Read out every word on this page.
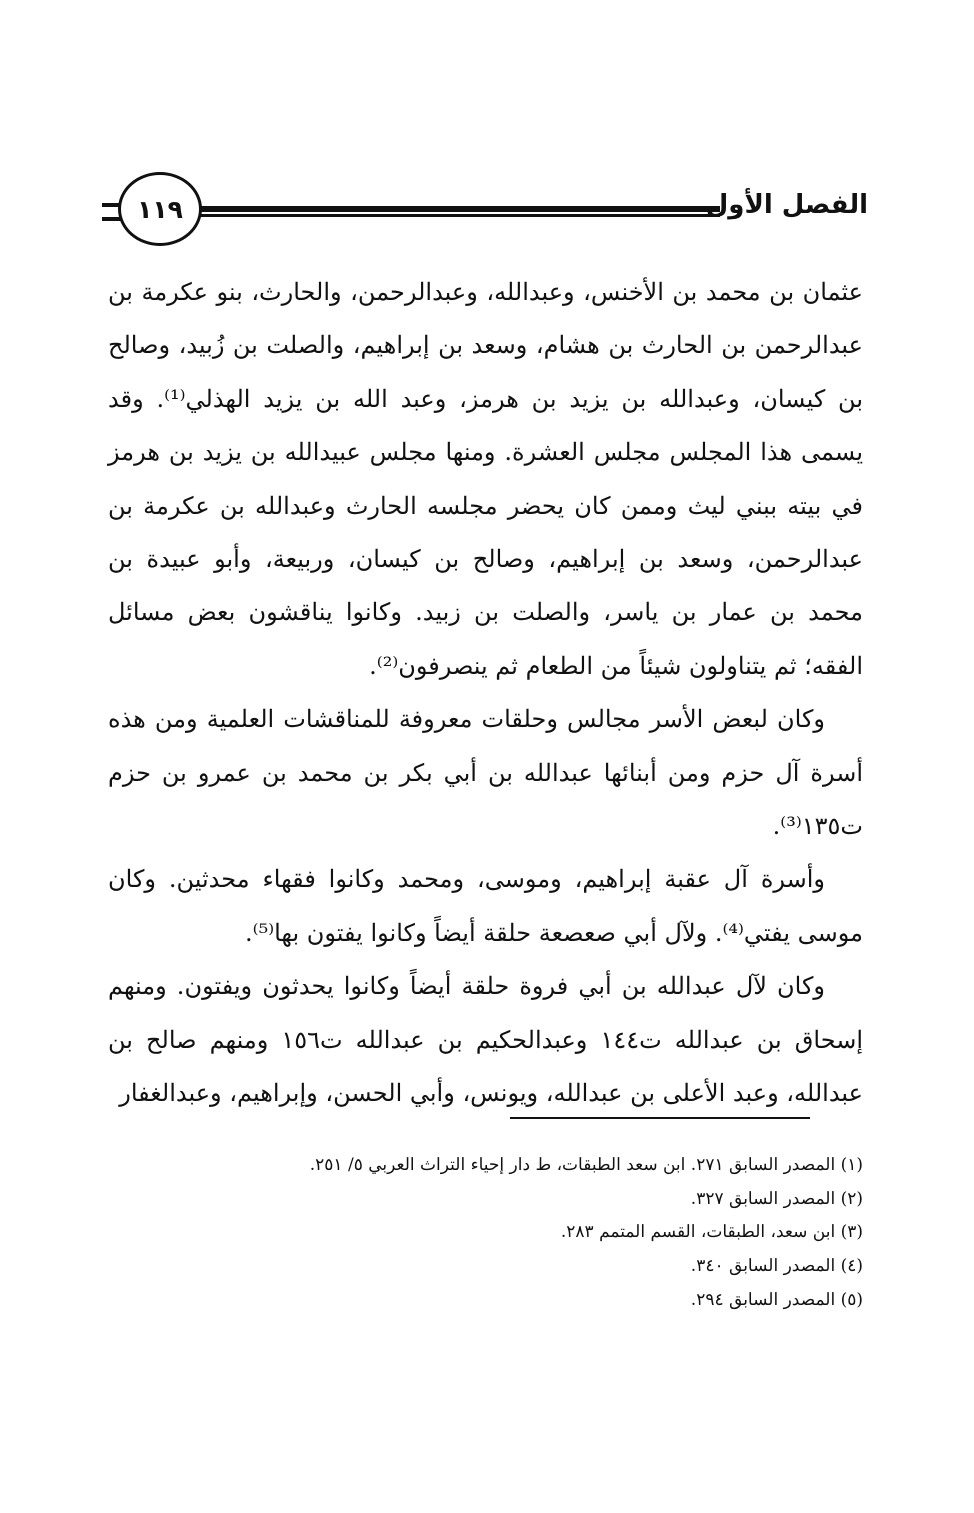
الفصل الأول
١١٩

عثمان بن محمد بن الأخنس، وعبدالله، وعبدالرحمن، والحارث، بنو عكرمة بن عبدالرحمن بن الحارث بن هشام، وسعد بن إبراهيم، والصلت بن زُبيد، وصالح بن كيسان، وعبدالله بن يزيد بن هرمز، وعبد الله بن يزيد الهذلي⁽¹⁾. وقد يسمى هذا المجلس مجلس العشرة. ومنها مجلس عبيدالله بن يزيد بن هرمز في بيته ببني ليث وممن كان يحضر مجلسه الحارث وعبدالله بن عكرمة بن عبدالرحمن، وسعد بن إبراهيم، وصالح بن كيسان، وربيعة، وأبو عبيدة بن محمد بن عمار بن ياسر، والصلت بن زبيد. وكانوا يناقشون بعض مسائل الفقه؛ ثم يتناولون شيئاً من الطعام ثم ينصرفون⁽²⁾.

وكان لبعض الأسر مجالس وحلقات معروفة للمناقشات العلمية ومن هذه أسرة آل حزم ومن أبنائها عبدالله بن أبي بكر بن محمد بن عمرو بن حزم ت١٣٥⁽³⁾.

وأسرة آل عقبة إبراهيم، وموسى، ومحمد وكانوا فقهاء محدثين. وكان موسى يفتي⁽⁴⁾. ولآل أبي صعصعة حلقة أيضاً وكانوا يفتون بها⁽⁵⁾.

وكان لآل عبدالله بن أبي فروة حلقة أيضاً وكانوا يحدثون ويفتون. ومنهم إسحاق بن عبدالله ت١٤٤ وعبدالحكيم بن عبدالله ت١٥٦ ومنهم صالح بن عبدالله، وعبد الأعلى بن عبدالله، ويونس، وأبي الحسن، وإبراهيم، وعبدالغفار

(١) المصدر السابق ٢٧١. ابن سعد الطبقات، ط دار إحياء التراث العربي ٥/ ٢٥١.
(٢) المصدر السابق ٣٢٧.
(٣) ابن سعد، الطبقات، القسم المتمم ٢٨٣.
(٤) المصدر السابق ٣٤٠.
(٥) المصدر السابق ٢٩٤.
